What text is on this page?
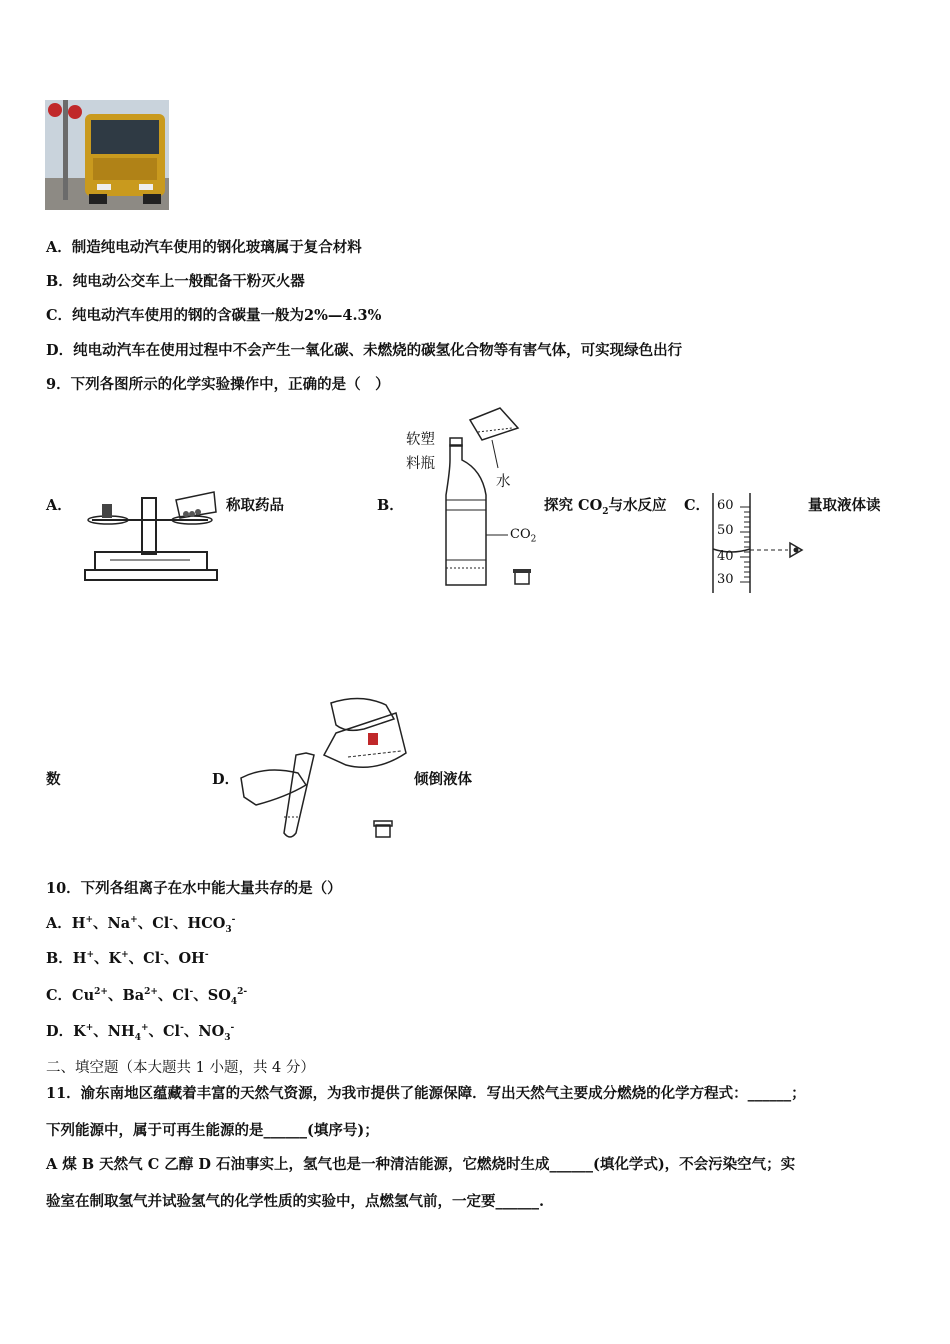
A．制造纯电动汽车使用的钢化玻璃属于复合材料
B．纯电动公交车上一般配备干粉灭火器
C．纯电动汽车使用的钢的含碳量一般为2%—4.3%
D．纯电动汽车在使用过程中不会产生一氧化碳、未燃烧的碳氢化合物等有害气体，可实现绿色出行
9．下列各图所示的化学实验操作中，正确的是（　）
A．	称取药品	B．
软塑
料瓶
水
$CO_2$
探究 $CO_2$与水反应 C． 60
50
40
30
量取液体读
数	D．	倾倒液体
10．下列各组离子在水中能大量共存的是（）
A．H+、Na+、Cl-、$HCO_3^-$
B．H+、K+、Cl-、OH-
C．$Cu^{2+}$、$Ba^{2+}$、Cl-、$SO_4^{2-}$
D．K+、$NH_4^+$、Cl-、$NO_3^-$
二、填空题（本大题共 1 小题，共 4 分）
11．渝东南地区蕴藏着丰富的天然气资源，为我市提供了能源保障．写出天然气主要成分燃烧的化学方程式：______；
下列能源中，属于可再生能源的是______(填序号)；
A 煤 B 天然气 C 乙醇 D 石油事实上，氢气也是一种清洁能源，它燃烧时生成______(填化学式)，不会污染空气；实
验室在制取氢气并试验氢气的化学性质的实验中，点燃氢气前，一定要______.
